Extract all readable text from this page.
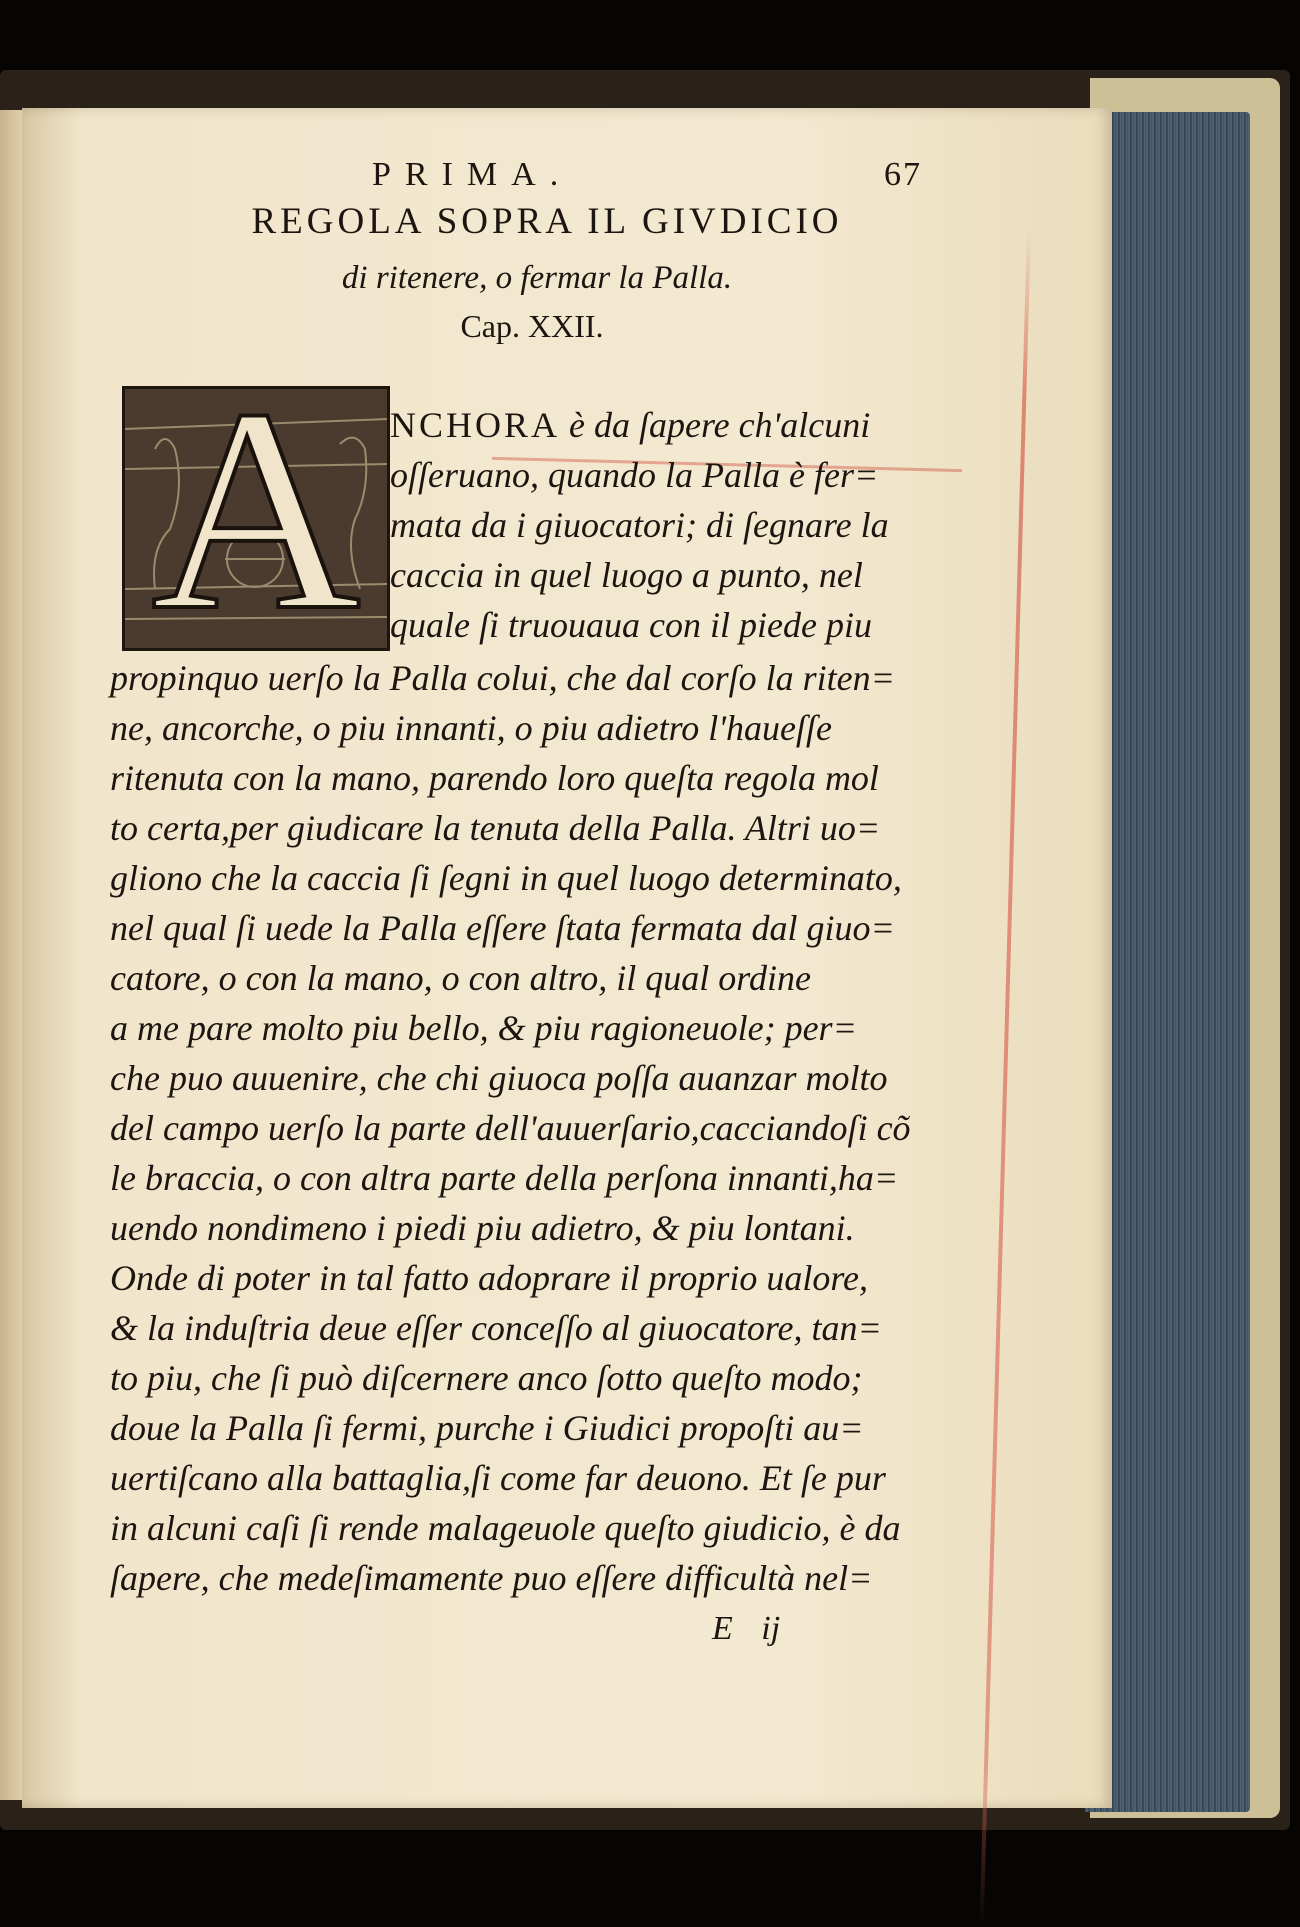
PRIMA.	67
REGOLA SOPRA IL GIVDICIO
di ritenere, o fermar la Palla.
Cap. XXII.
A NCHORA è da ſapere ch'alcuni
oſſeruano, quando la Palla è fer=
mata da i giuocatori; di ſegnare la
caccia in quel luogo a punto, nel
quale ſi truouaua con il piede piu
propinquo uerſo la Palla colui, che dal corſo la riten=
ne, ancorche, o piu innanti, o piu adietro l'haueſſe
ritenuta con la mano, parendo loro queſta regola mol
to certa,per giudicare la tenuta della Palla. Altri uo=
gliono che la caccia ſi ſegni in quel luogo determinato,
nel qual ſi uede la Palla eſſere ſtata fermata dal giuo=
catore, o con la mano, o con altro, il qual ordine
a me pare molto piu bello, & piu ragioneuole; per=
che puo auuenire, che chi giuoca poſſa auanzar molto
del campo uerſo la parte dell'auuerſario,cacciandoſi cõ
le braccia, o con altra parte della perſona innanti,ha=
uendo nondimeno i piedi piu adietro, & piu lontani.
Onde di poter in tal fatto adoprare il proprio ualore,
& la induſtria deue eſſer conceſſo al giuocatore, tan=
to piu, che ſi può diſcernere anco ſotto queſto modo;
doue la Palla ſi fermi, purche i Giudici propoſti au=
uertiſcano alla battaglia,ſi come far deuono. Et ſe pur
in alcuni caſi ſi rende malageuole queſto giudicio, è da
ſapere, che medeſimamente puo eſſere difficultà nel=
E ij
